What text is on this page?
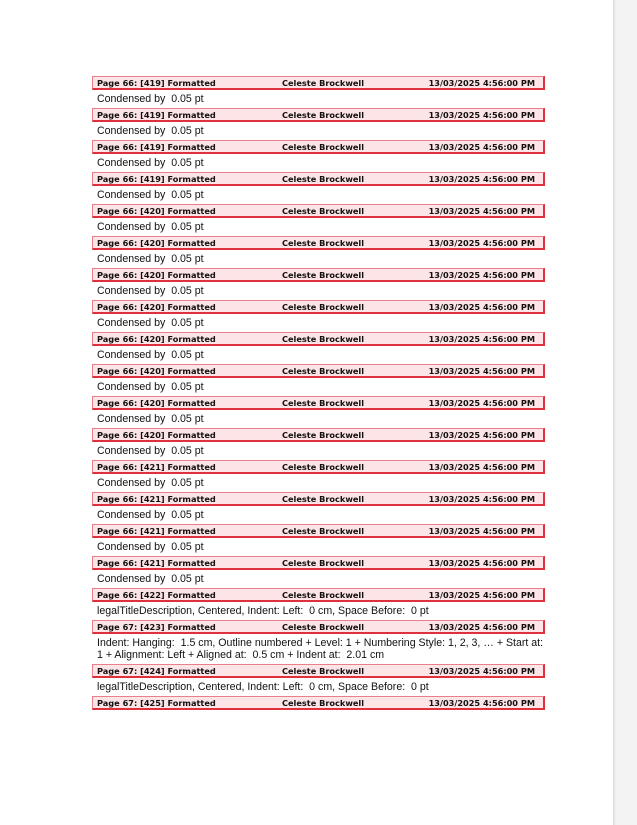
Page 66: [419] Formatted	Celeste Brockwell	13/03/2025 4:56:00 PM
Condensed by  0.05 pt
Page 66: [419] Formatted	Celeste Brockwell	13/03/2025 4:56:00 PM
Condensed by  0.05 pt
Page 66: [419] Formatted	Celeste Brockwell	13/03/2025 4:56:00 PM
Condensed by  0.05 pt
Page 66: [419] Formatted	Celeste Brockwell	13/03/2025 4:56:00 PM
Condensed by  0.05 pt
Page 66: [420] Formatted	Celeste Brockwell	13/03/2025 4:56:00 PM
Condensed by  0.05 pt
Page 66: [420] Formatted	Celeste Brockwell	13/03/2025 4:56:00 PM
Condensed by  0.05 pt
Page 66: [420] Formatted	Celeste Brockwell	13/03/2025 4:56:00 PM
Condensed by  0.05 pt
Page 66: [420] Formatted	Celeste Brockwell	13/03/2025 4:56:00 PM
Condensed by  0.05 pt
Page 66: [420] Formatted	Celeste Brockwell	13/03/2025 4:56:00 PM
Condensed by  0.05 pt
Page 66: [420] Formatted	Celeste Brockwell	13/03/2025 4:56:00 PM
Condensed by  0.05 pt
Page 66: [420] Formatted	Celeste Brockwell	13/03/2025 4:56:00 PM
Condensed by  0.05 pt
Page 66: [420] Formatted	Celeste Brockwell	13/03/2025 4:56:00 PM
Condensed by  0.05 pt
Page 66: [421] Formatted	Celeste Brockwell	13/03/2025 4:56:00 PM
Condensed by  0.05 pt
Page 66: [421] Formatted	Celeste Brockwell	13/03/2025 4:56:00 PM
Condensed by  0.05 pt
Page 66: [421] Formatted	Celeste Brockwell	13/03/2025 4:56:00 PM
Condensed by  0.05 pt
Page 66: [421] Formatted	Celeste Brockwell	13/03/2025 4:56:00 PM
Condensed by  0.05 pt
Page 66: [422] Formatted	Celeste Brockwell	13/03/2025 4:56:00 PM
legalTitleDescription, Centered, Indent: Left:  0 cm, Space Before:  0 pt
Page 67: [423] Formatted	Celeste Brockwell	13/03/2025 4:56:00 PM
Indent: Hanging:  1.5 cm, Outline numbered + Level: 1 + Numbering Style: 1, 2, 3, … + Start at: 1 + Alignment: Left + Aligned at:  0.5 cm + Indent at:  2.01 cm
Page 67: [424] Formatted	Celeste Brockwell	13/03/2025 4:56:00 PM
legalTitleDescription, Centered, Indent: Left:  0 cm, Space Before:  0 pt
Page 67: [425] Formatted	Celeste Brockwell	13/03/2025 4:56:00 PM
